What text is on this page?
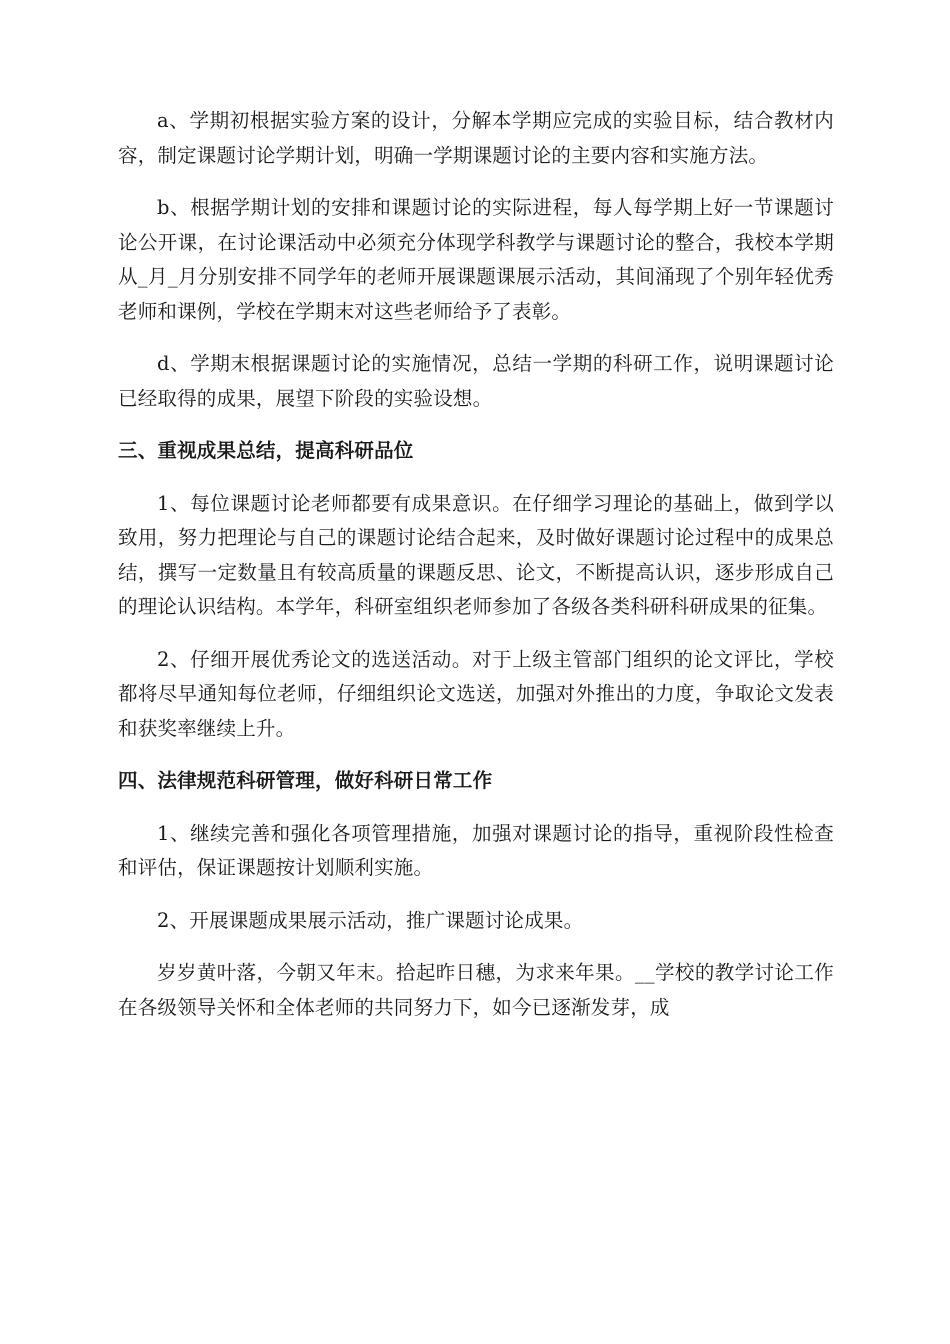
a、学期初根据实验方案的设计，分解本学期应完成的实验目标，结合教材内容，制定课题讨论学期计划，明确一学期课题讨论的主要内容和实施方法。

b、根据学期计划的安排和课题讨论的实际进程，每人每学期上好一节课题讨论公开课，在讨论课活动中必须充分体现学科教学与课题讨论的整合，我校本学期从_月_月分别安排不同学年的老师开展课题课展示活动，其间涌现了个别年轻优秀老师和课例，学校在学期末对这些老师给予了表彰。

d、学期末根据课题讨论的实施情况，总结一学期的科研工作，说明课题讨论已经取得的成果，展望下阶段的实验设想。

三、重视成果总结，提高科研品位

1、每位课题讨论老师都要有成果意识。在仔细学习理论的基础上，做到学以致用，努力把理论与自己的课题讨论结合起来，及时做好课题讨论过程中的成果总结，撰写一定数量且有较高质量的课题反思、论文，不断提高认识，逐步形成自己的理论认识结构。本学年，科研室组织老师参加了各级各类科研科研成果的征集。

2、仔细开展优秀论文的选送活动。对于上级主管部门组织的论文评比，学校都将尽早通知每位老师，仔细组织论文选送，加强对外推出的力度，争取论文发表和获奖率继续上升。

四、法律规范科研管理，做好科研日常工作

1、继续完善和强化各项管理措施，加强对课题讨论的指导，重视阶段性检查和评估，保证课题按计划顺利实施。

2、开展课题成果展示活动，推广课题讨论成果。

岁岁黄叶落，今朝又年末。拾起昨日穗，为求来年果。__学校的教学讨论工作在各级领导关怀和全体老师的共同努力下，如今已逐渐发芽，成
